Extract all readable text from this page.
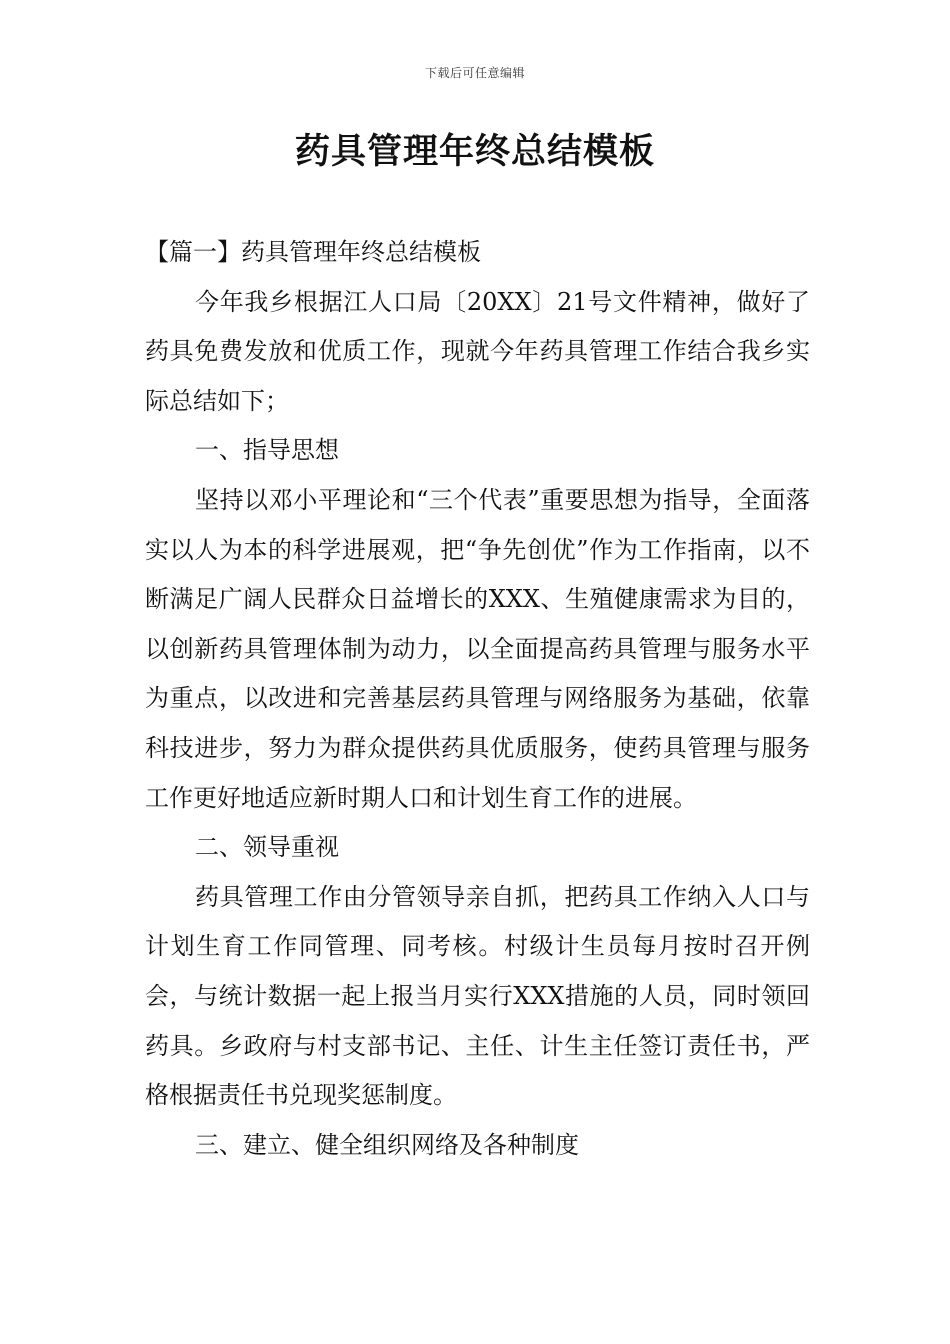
下载后可任意编辑
药具管理年终总结模板

【篇一】药具管理年终总结模板

今年我乡根据江人口局〔20XX〕21号文件精神，做好了药具免费发放和优质工作，现就今年药具管理工作结合我乡实际总结如下；

一、指导思想

坚持以邓小平理论和“三个代表”重要思想为指导，全面落实以人为本的科学进展观，把“争先创优”作为工作指南，以不断满足广阔人民群众日益增长的XXX、生殖健康需求为目的，以创新药具管理体制为动力，以全面提高药具管理与服务水平为重点，以改进和完善基层药具管理与网络服务为基础，依靠科技进步，努力为群众提供药具优质服务，使药具管理与服务工作更好地适应新时期人口和计划生育工作的进展。

二、领导重视

药具管理工作由分管领导亲自抓，把药具工作纳入人口与计划生育工作同管理、同考核。村级计生员每月按时召开例会，与统计数据一起上报当月实行XXX措施的人员，同时领回药具。乡政府与村支部书记、主任、计生主任签订责任书，严格根据责任书兑现奖惩制度。

三、建立、健全组织网络及各种制度
